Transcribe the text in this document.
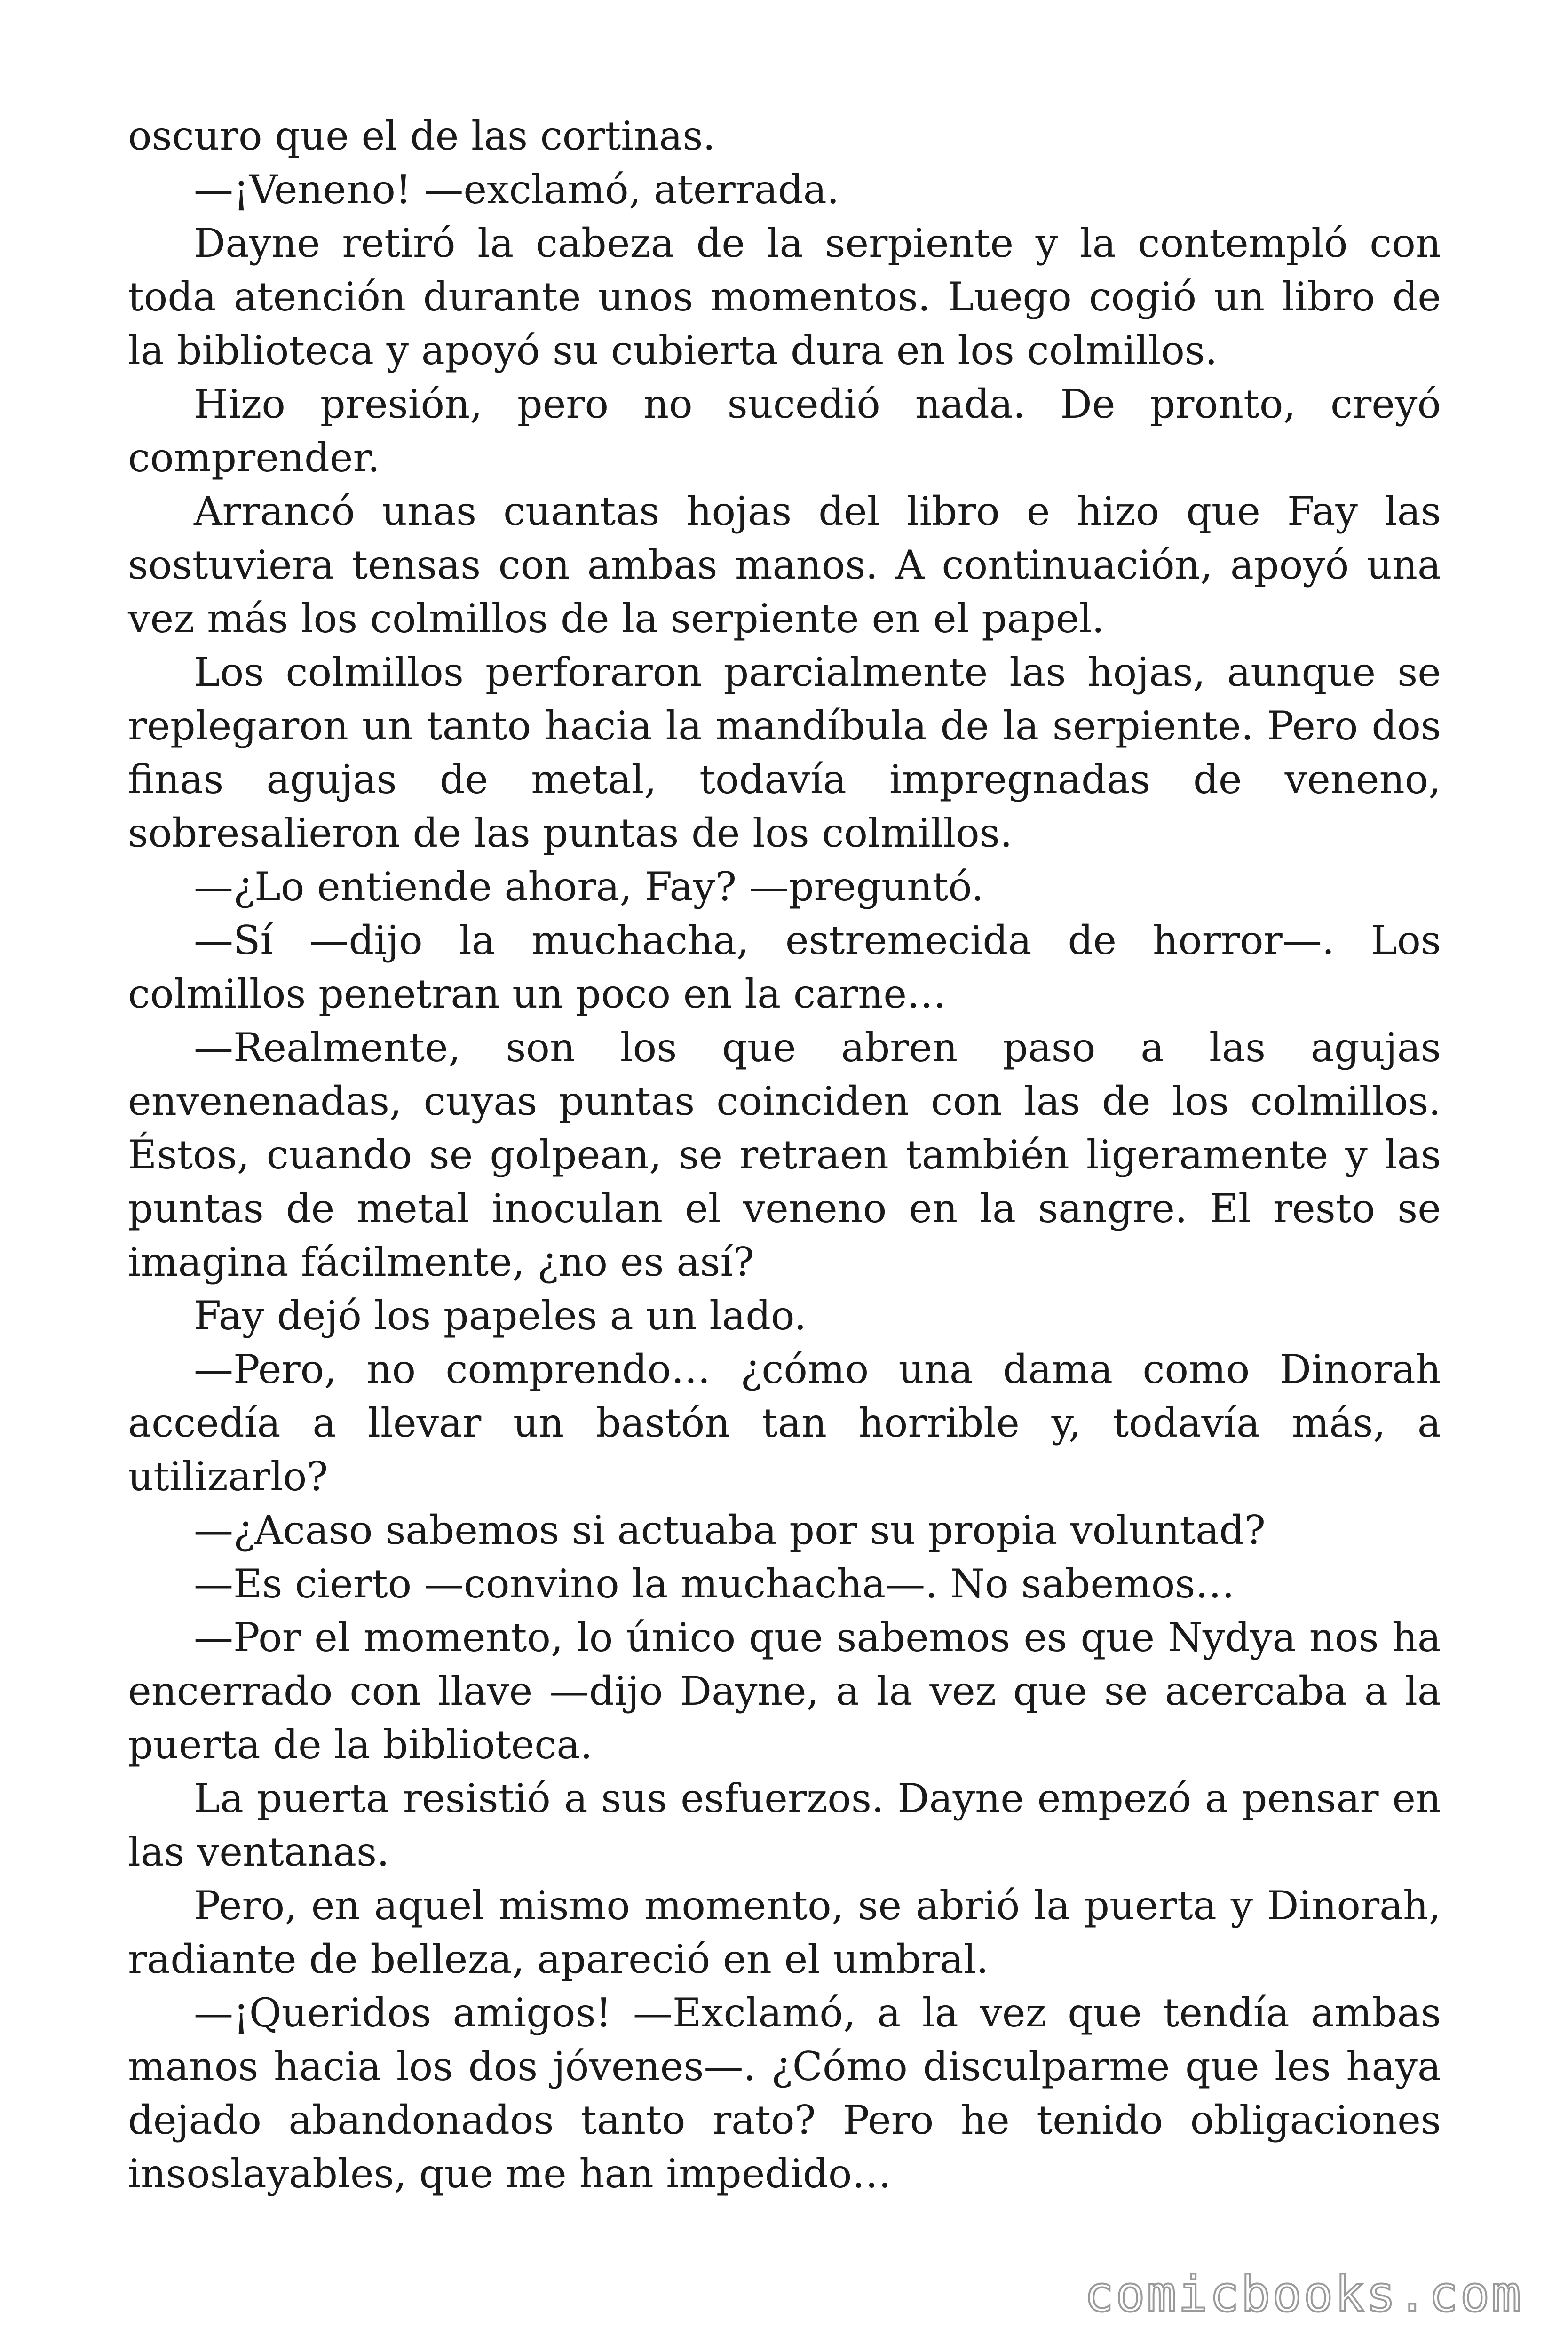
oscuro que el de las cortinas.

—¡Veneno! —exclamó, aterrada.

Dayne retiró la cabeza de la serpiente y la contempló con toda atención durante unos momentos. Luego cogió un libro de la biblioteca y apoyó su cubierta dura en los colmillos.

Hizo presión, pero no sucedió nada. De pronto, creyó comprender.

Arrancó unas cuantas hojas del libro e hizo que Fay las sostuviera tensas con ambas manos. A continuación, apoyó una vez más los colmillos de la serpiente en el papel.

Los colmillos perforaron parcialmente las hojas, aunque se replegaron un tanto hacia la mandíbula de la serpiente. Pero dos finas agujas de metal, todavía impregnadas de veneno, sobresalieron de las puntas de los colmillos.

—¿Lo entiende ahora, Fay? —preguntó.

—Sí —dijo la muchacha, estremecida de horror—. Los colmillos penetran un poco en la carne…

—Realmente, son los que abren paso a las agujas envenenadas, cuyas puntas coinciden con las de los colmillos. Éstos, cuando se golpean, se retraen también ligeramente y las puntas de metal inoculan el veneno en la sangre. El resto se imagina fácilmente, ¿no es así?

Fay dejó los papeles a un lado.

—Pero, no comprendo… ¿cómo una dama como Dinorah accedía a llevar un bastón tan horrible y, todavía más, a utilizarlo?

—¿Acaso sabemos si actuaba por su propia voluntad?

—Es cierto —convino la muchacha—. No sabemos…

—Por el momento, lo único que sabemos es que Nydya nos ha encerrado con llave —dijo Dayne, a la vez que se acercaba a la puerta de la biblioteca.

La puerta resistió a sus esfuerzos. Dayne empezó a pensar en las ventanas.

Pero, en aquel mismo momento, se abrió la puerta y Dinorah, radiante de belleza, apareció en el umbral.

—¡Queridos amigos! —Exclamó, a la vez que tendía ambas manos hacia los dos jóvenes—. ¿Cómo disculparme que les haya dejado abandonados tanto rato? Pero he tenido obligaciones insoslayables, que me han impedido…

comicbooks.com
